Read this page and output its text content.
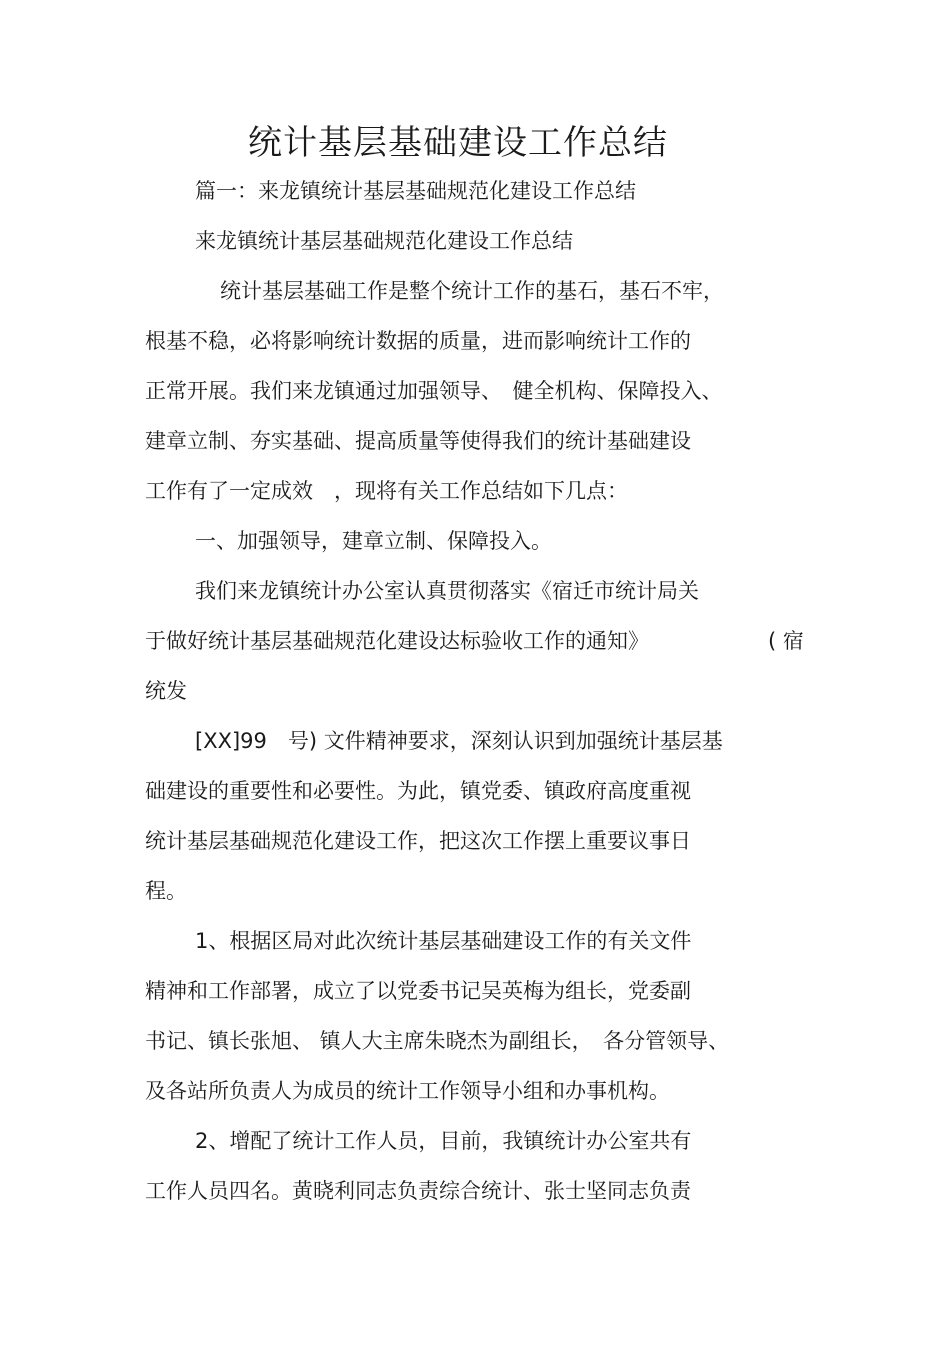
统计基层基础建设工作总结
篇一：来龙镇统计基层基础规范化建设工作总结
来龙镇统计基层基础规范化建设工作总结
统计基层基础工作是整个统计工作的基石，基石不牢，
根基不稳，必将影响统计数据的质量，进而影响统计工作的
正常开展。我们来龙镇通过加强领导、　健全机构、保障投入、
建章立制、夯实基础、提高质量等使得我们的统计基础建设
工作有了一定成效　，现将有关工作总结如下几点：
一、加强领导，建章立制、保障投入。
我们来龙镇统计办公室认真贯彻落实《宿迁市统计局关
于做好统计基层基础规范化建设达标验收工作的通知》	( 宿
统发
[XX]99　号) 文件精神要求，深刻认识到加强统计基层基
础建设的重要性和必要性。为此，镇党委、镇政府高度重视
统计基层基础规范化建设工作，把这次工作摆上重要议事日
程。
1、根据区局对此次统计基层基础建设工作的有关文件
精神和工作部署，成立了以党委书记吴英梅为组长，党委副
书记、镇长张旭、 镇人大主席朱晓杰为副组长，　各分管领导、
及各站所负责人为成员的统计工作领导小组和办事机构。
2、增配了统计工作人员，目前，我镇统计办公室共有
工作人员四名。黄晓利同志负责综合统计、张士坚同志负责
